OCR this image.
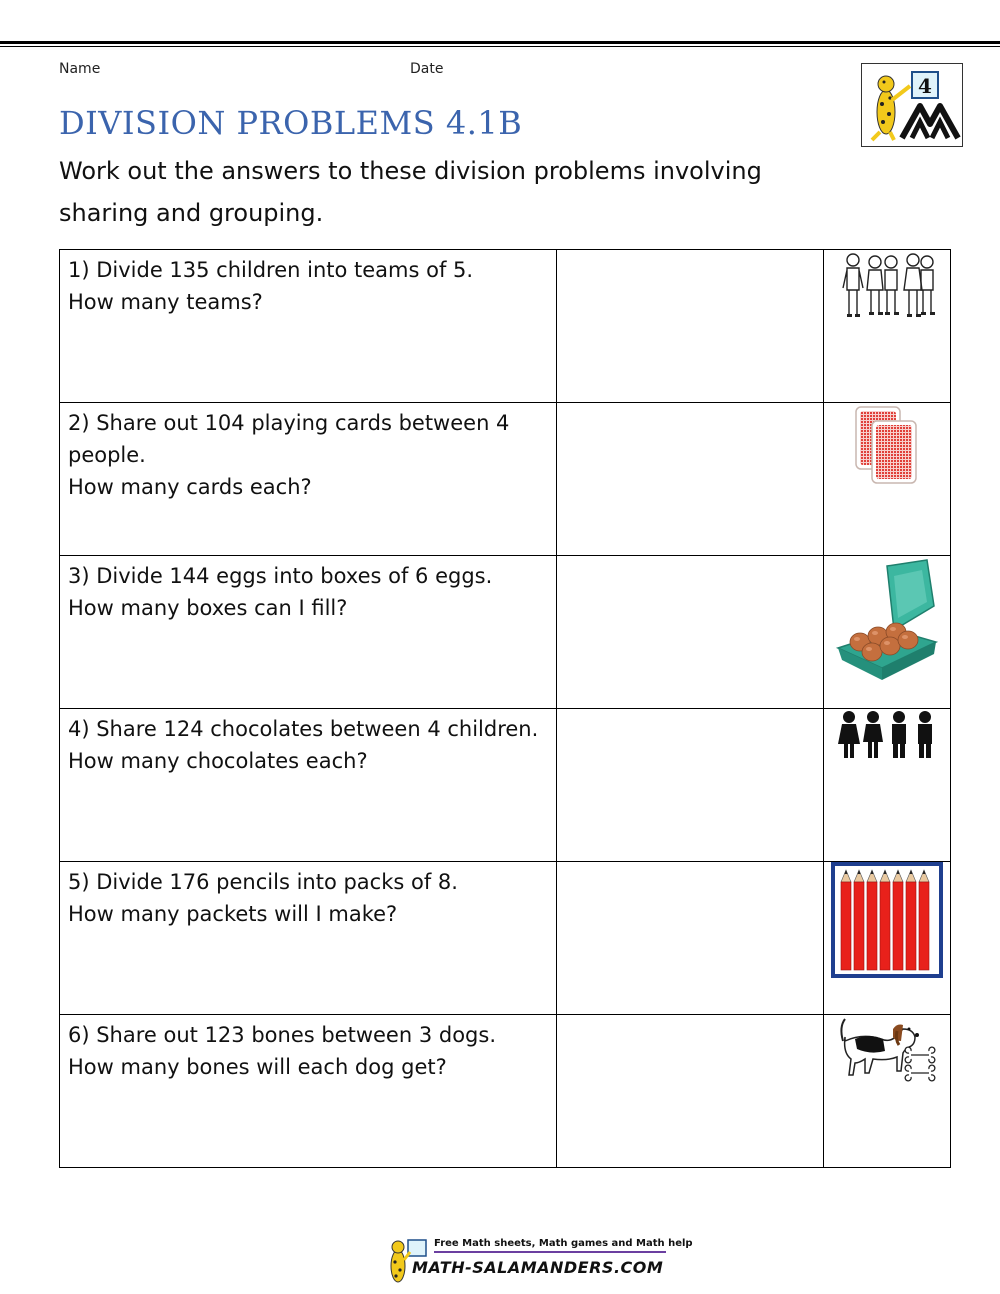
Name	Date
4
DIVISION PROBLEMS 4.1B
Work out the answers to these division problems involving
sharing and grouping.
1) Divide 135 children into teams of 5.
How many teams?

2) Share out 104 playing cards between 4
people.
How many cards each?

3) Divide 144 eggs into boxes of 6 eggs.
How many boxes can I fill?

4) Share 124 chocolates between 4 children.
How many chocolates each?

5) Divide 176 pencils into packs of 8.
How many packets will I make?

6) Share out 123 bones between 3 dogs.
How many bones will each dog get?

Free Math sheets, Math games and Math help
MATH-SALAMANDERS.COM
